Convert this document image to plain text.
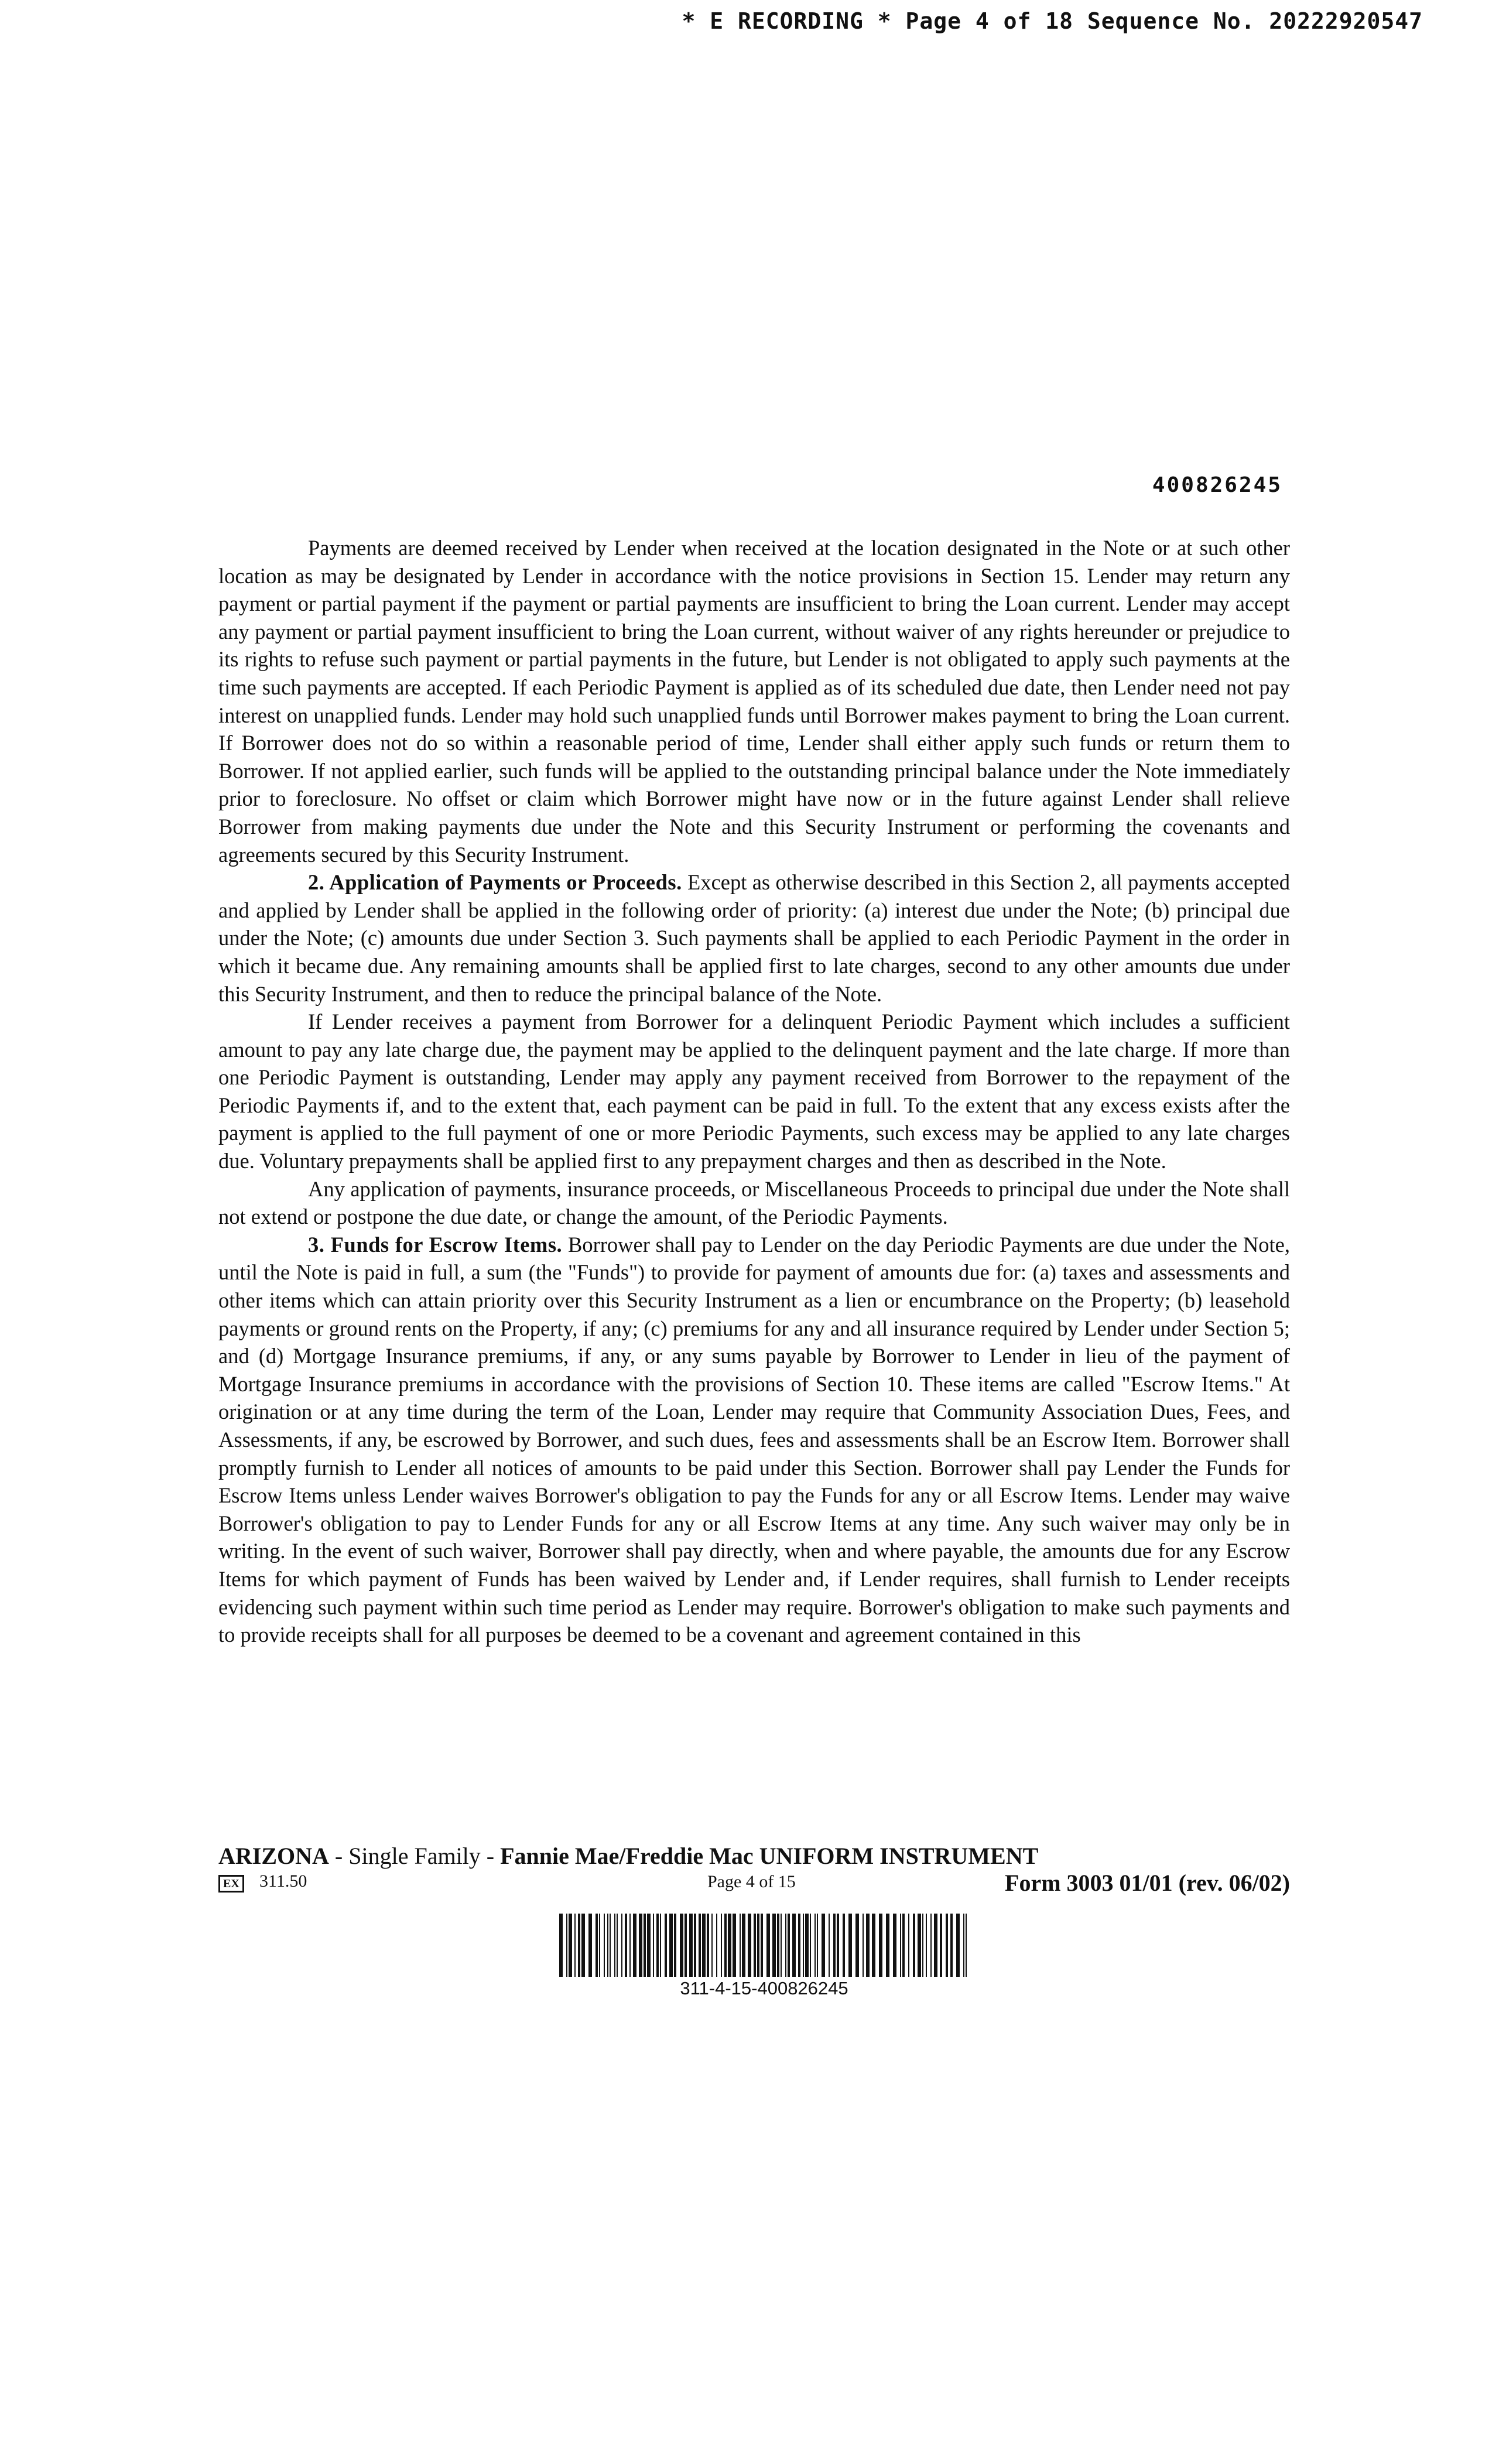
* E RECORDING * Page 4 of 18 Sequence No. 20222920547
400826245

Payments are deemed received by Lender when received at the location designated in the Note or at such other location as may be designated by Lender in accordance with the notice provisions in Section 15. Lender may return any payment or partial payment if the payment or partial payments are insufficient to bring the Loan current. Lender may accept any payment or partial payment insufficient to bring the Loan current, without waiver of any rights hereunder or prejudice to its rights to refuse such payment or partial payments in the future, but Lender is not obligated to apply such payments at the time such payments are accepted. If each Periodic Payment is applied as of its scheduled due date, then Lender need not pay interest on unapplied funds. Lender may hold such unapplied funds until Borrower makes payment to bring the Loan current. If Borrower does not do so within a reasonable period of time, Lender shall either apply such funds or return them to Borrower. If not applied earlier, such funds will be applied to the outstanding principal balance under the Note immediately prior to foreclosure. No offset or claim which Borrower might have now or in the future against Lender shall relieve Borrower from making payments due under the Note and this Security Instrument or performing the covenants and agreements secured by this Security Instrument.

2. Application of Payments or Proceeds. Except as otherwise described in this Section 2, all payments accepted and applied by Lender shall be applied in the following order of priority: (a) interest due under the Note; (b) principal due under the Note; (c) amounts due under Section 3. Such payments shall be applied to each Periodic Payment in the order in which it became due. Any remaining amounts shall be applied first to late charges, second to any other amounts due under this Security Instrument, and then to reduce the principal balance of the Note.

If Lender receives a payment from Borrower for a delinquent Periodic Payment which includes a sufficient amount to pay any late charge due, the payment may be applied to the delinquent payment and the late charge. If more than one Periodic Payment is outstanding, Lender may apply any payment received from Borrower to the repayment of the Periodic Payments if, and to the extent that, each payment can be paid in full. To the extent that any excess exists after the payment is applied to the full payment of one or more Periodic Payments, such excess may be applied to any late charges due. Voluntary prepayments shall be applied first to any prepayment charges and then as described in the Note.

Any application of payments, insurance proceeds, or Miscellaneous Proceeds to principal due under the Note shall not extend or postpone the due date, or change the amount, of the Periodic Payments.

3. Funds for Escrow Items. Borrower shall pay to Lender on the day Periodic Payments are due under the Note, until the Note is paid in full, a sum (the "Funds") to provide for payment of amounts due for: (a) taxes and assessments and other items which can attain priority over this Security Instrument as a lien or encumbrance on the Property; (b) leasehold payments or ground rents on the Property, if any; (c) premiums for any and all insurance required by Lender under Section 5; and (d) Mortgage Insurance premiums, if any, or any sums payable by Borrower to Lender in lieu of the payment of Mortgage Insurance premiums in accordance with the provisions of Section 10. These items are called "Escrow Items." At origination or at any time during the term of the Loan, Lender may require that Community Association Dues, Fees, and Assessments, if any, be escrowed by Borrower, and such dues, fees and assessments shall be an Escrow Item. Borrower shall promptly furnish to Lender all notices of amounts to be paid under this Section. Borrower shall pay Lender the Funds for Escrow Items unless Lender waives Borrower's obligation to pay the Funds for any or all Escrow Items. Lender may waive Borrower's obligation to pay to Lender Funds for any or all Escrow Items at any time. Any such waiver may only be in writing. In the event of such waiver, Borrower shall pay directly, when and where payable, the amounts due for any Escrow Items for which payment of Funds has been waived by Lender and, if Lender requires, shall furnish to Lender receipts evidencing such payment within such time period as Lender may require. Borrower's obligation to make such payments and to provide receipts shall for all purposes be deemed to be a covenant and agreement contained in this

ARIZONA - Single Family - Fannie Mae/Freddie Mac UNIFORM INSTRUMENT
EX 311.50	Page 4 of 15	Form 3003 01/01 (rev. 06/02)
311-4-15-400826245
